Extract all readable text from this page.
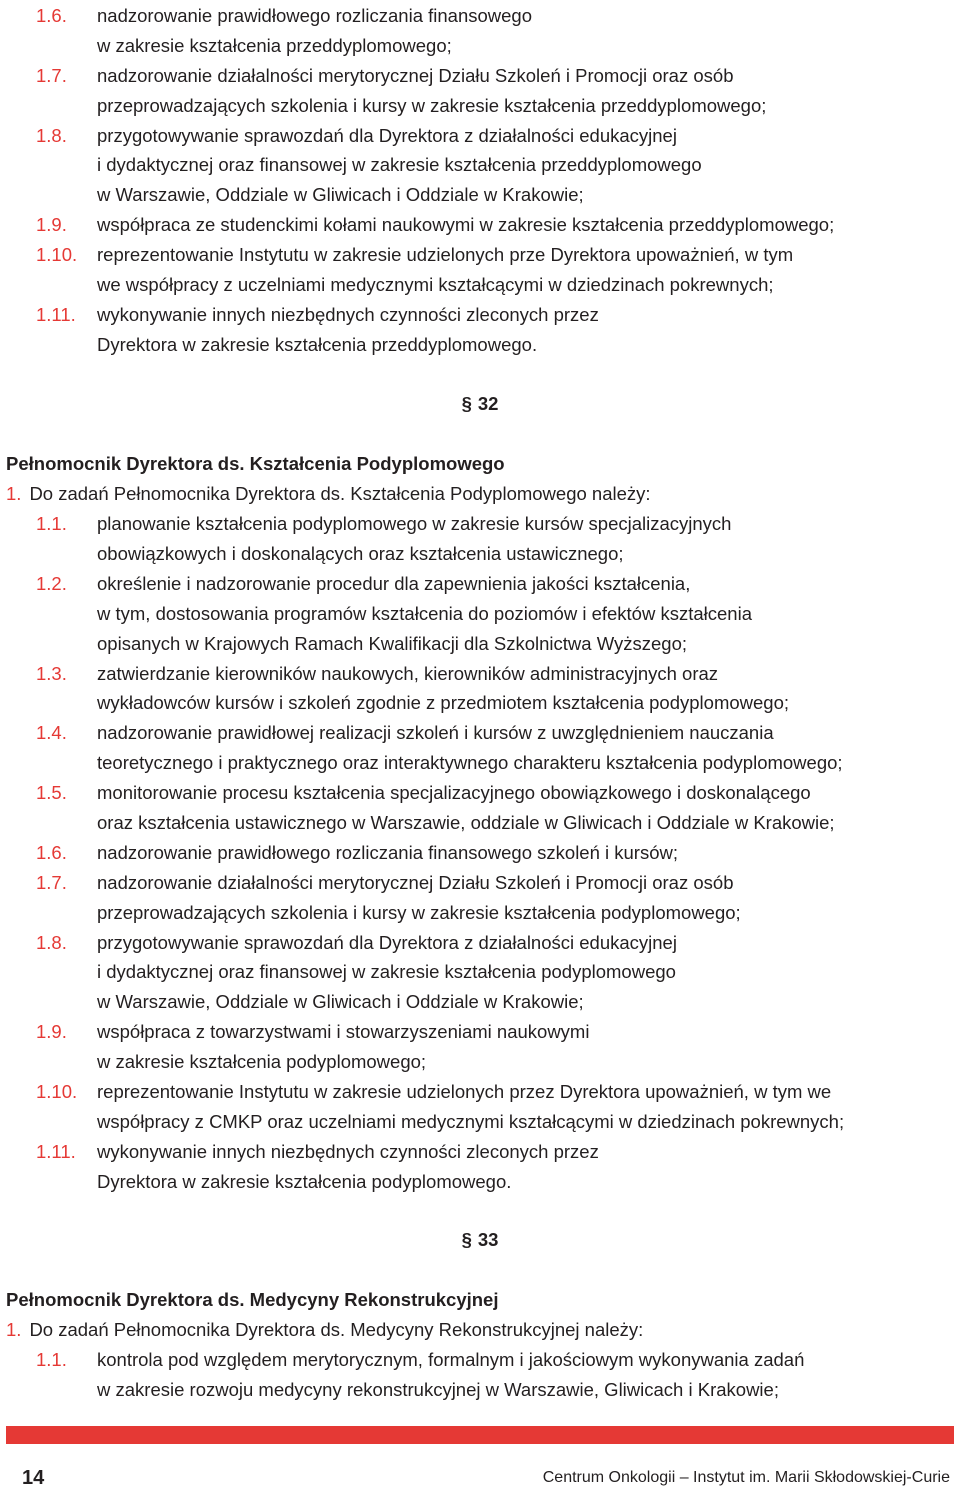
1.6. nadzorowanie prawidłowego rozliczania finansowego
w zakresie kształcenia przeddyplomowego;
1.7. nadzorowanie działalności merytorycznej Działu Szkoleń i Promocji oraz osób
przeprowadzających szkolenia i kursy w zakresie kształcenia przeddyplomowego;
1.8. przygotowywanie sprawozdań dla Dyrektora z działalności edukacyjnej
i dydaktycznej oraz finansowej w zakresie kształcenia przeddyplomowego
w Warszawie, Oddziale w Gliwicach i Oddziale w Krakowie;
1.9. współpraca ze studenckimi kołami naukowymi w zakresie kształcenia przeddyplomowego;
1.10. reprezentowanie Instytutu w zakresie udzielonych prze Dyrektora upoważnień, w tym
we współpracy z uczelniami medycznymi kształcącymi w dziedzinach pokrewnych;
1.11. wykonywanie innych niezbędnych czynności zleconych przez
Dyrektora w zakresie kształcenia przeddyplomowego.
§ 32
Pełnomocnik Dyrektora ds. Kształcenia Podyplomowego
1. Do zadań Pełnomocnika Dyrektora ds. Kształcenia Podyplomowego należy:
1.1. planowanie kształcenia podyplomowego w zakresie kursów specjalizacyjnych
obowiązkowych i doskonalących oraz kształcenia ustawicznego;
1.2. określenie i nadzorowanie procedur dla zapewnienia jakości kształcenia,
w tym, dostosowania programów kształcenia do poziomów i efektów kształcenia
opisanych w Krajowych Ramach Kwalifikacji dla Szkolnictwa Wyższego;
1.3. zatwierdzanie kierowników naukowych, kierowników administracyjnych oraz
wykładowców kursów i szkoleń zgodnie z przedmiotem kształcenia podyplomowego;
1.4. nadzorowanie prawidłowej realizacji szkoleń i kursów z uwzględnieniem nauczania
teoretycznego i praktycznego oraz interaktywnego charakteru kształcenia podyplomowego;
1.5. monitorowanie procesu kształcenia specjalizacyjnego obowiązkowego i doskonalącego
oraz kształcenia ustawicznego w Warszawie, oddziale w Gliwicach i Oddziale w Krakowie;
1.6. nadzorowanie prawidłowego rozliczania finansowego szkoleń i kursów;
1.7. nadzorowanie działalności merytorycznej Działu Szkoleń i Promocji oraz osób
przeprowadzających szkolenia i kursy w zakresie kształcenia podyplomowego;
1.8. przygotowywanie sprawozdań dla Dyrektora z działalności edukacyjnej
i dydaktycznej oraz finansowej w zakresie kształcenia podyplomowego
w Warszawie, Oddziale w Gliwicach i Oddziale w Krakowie;
1.9. współpraca z towarzystwami i stowarzyszeniami naukowymi
w zakresie kształcenia podyplomowego;
1.10. reprezentowanie Instytutu w zakresie udzielonych przez Dyrektora upoważnień, w tym we
współpracy z CMKP oraz uczelniami medycznymi kształcącymi w dziedzinach pokrewnych;
1.11. wykonywanie innych niezbędnych czynności zleconych przez
Dyrektora w zakresie kształcenia podyplomowego.
§ 33
Pełnomocnik Dyrektora ds. Medycyny Rekonstrukcyjnej
1. Do zadań Pełnomocnika Dyrektora ds. Medycyny Rekonstrukcyjnej należy:
1.1. kontrola pod względem merytorycznym, formalnym i jakościowym wykonywania zadań
w zakresie rozwoju medycyny rekonstrukcyjnej w Warszawie, Gliwicach i Krakowie;
14	Centrum Onkologii – Instytut im. Marii Skłodowskiej-Curie
